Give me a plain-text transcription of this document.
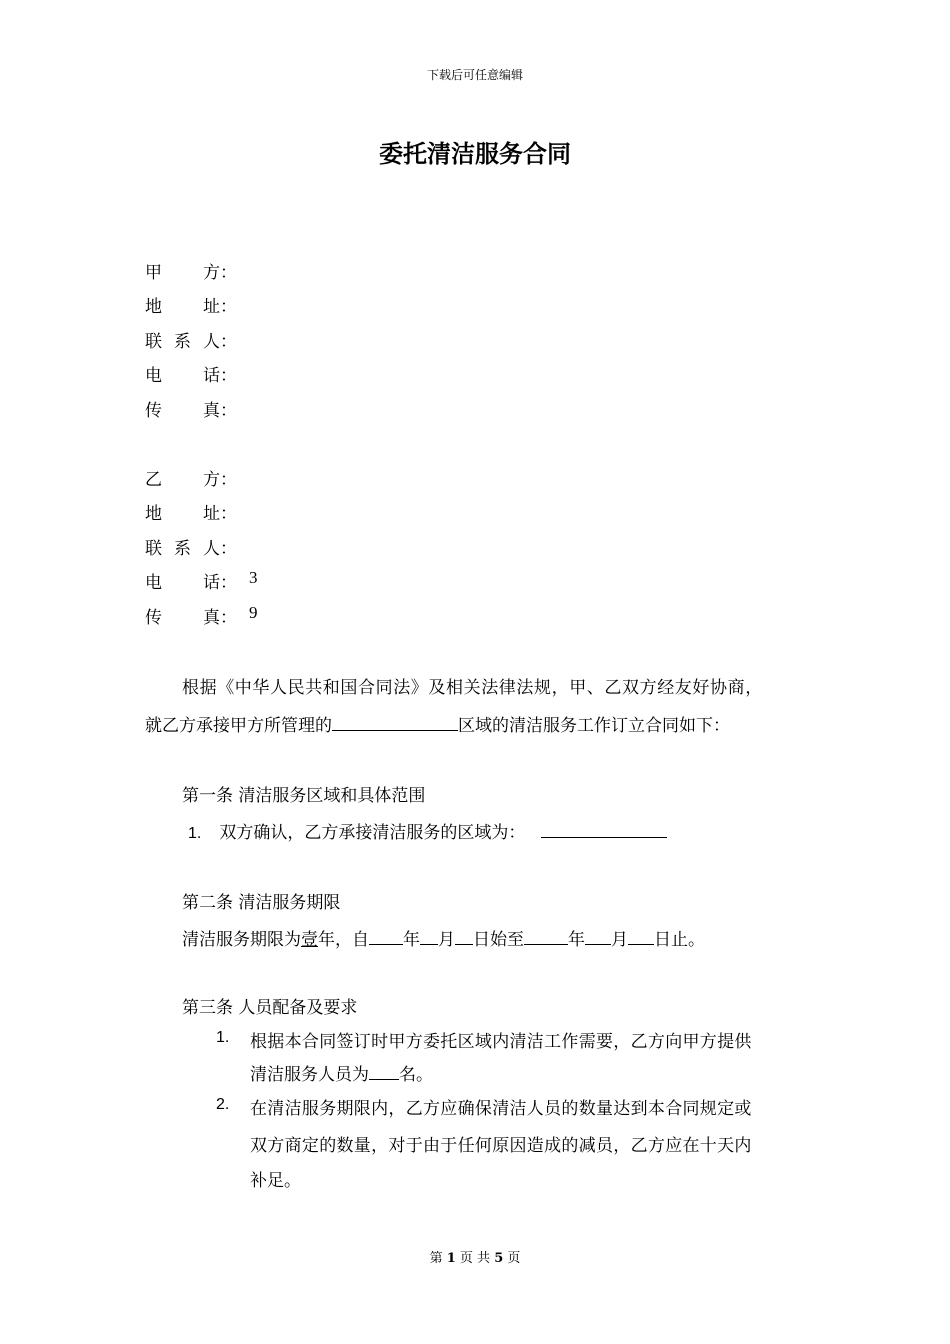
下载后可任意编辑
委托清洁服务合同
甲 方：
地 址：
联 系 人：
电 话：
传 真：
乙 方：
地 址：
联 系 人：
电 话： 3
传 真： 9
根据《中华人民共和国合同法》及相关法律法规，甲、乙双方经友好协商，
就乙方承接甲方所管理的	区域的清洁服务工作订立合同如下：
第一条 清洁服务区域和具体范围
1. 双方确认，乙方承接清洁服务的区域为：
第二条 清洁服务期限
清洁服务期限为壹年，自 年 月 日始至	年 月 日止。
第三条 人员配备及要求
1. 根据本合同签订时甲方委托区域内清洁工作需要，乙方向甲方提供
清洁服务人员为 名。
2. 在清洁服务期限内，乙方应确保清洁人员的数量达到本合同规定或
双方商定的数量，对于由于任何原因造成的减员，乙方应在十天内
补足。
第 1 页 共 5 页
